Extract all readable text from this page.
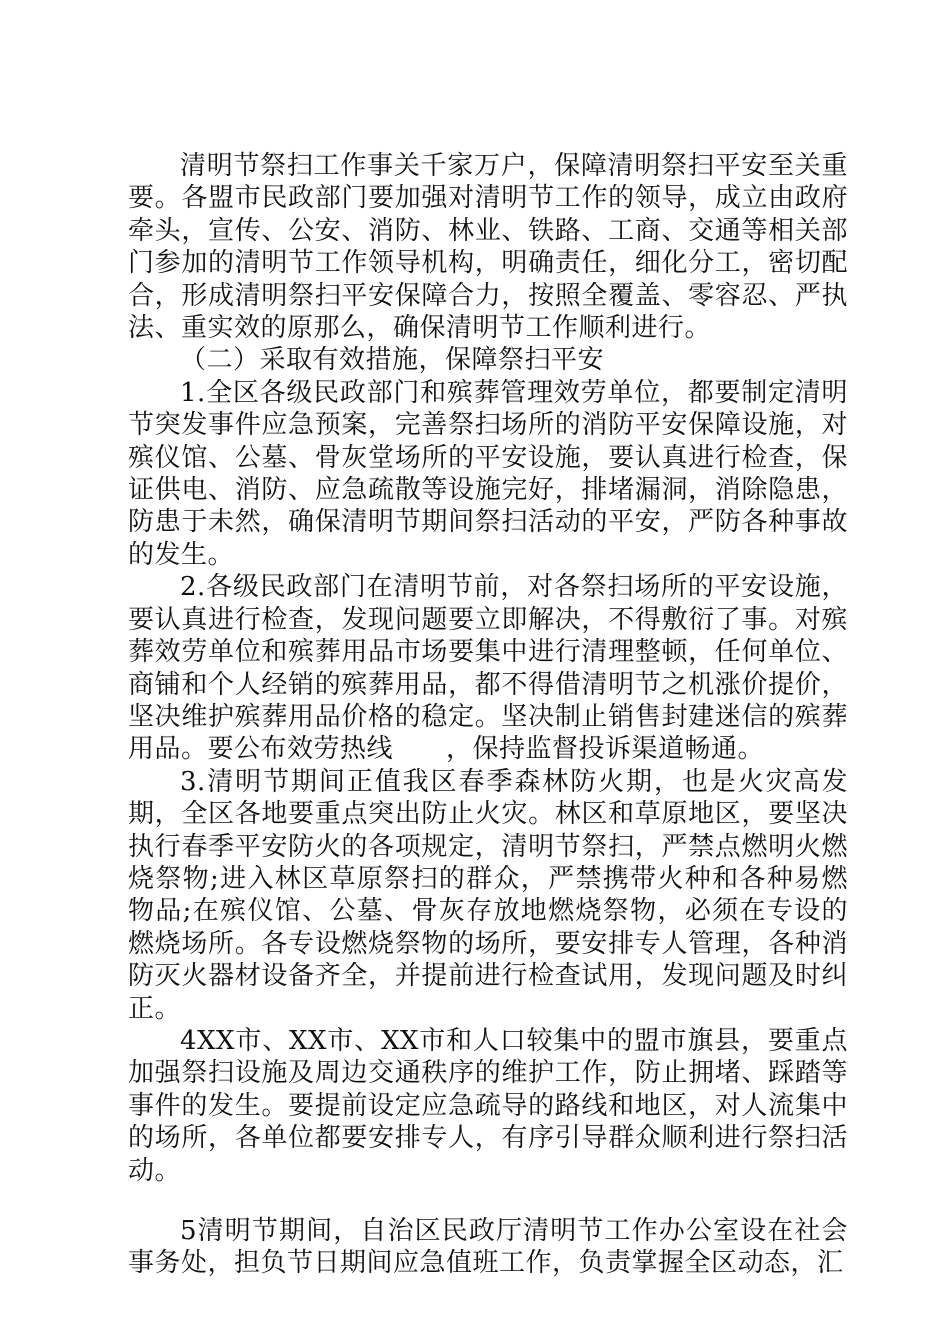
清明节祭扫工作事关千家万户，保障清明祭扫平安至关重要。各盟市民政部门要加强对清明节工作的领导，成立由政府牵头，宣传、公安、消防、林业、铁路、工商、交通等相关部门参加的清明节工作领导机构，明确责任，细化分工，密切配合，形成清明祭扫平安保障合力，按照全覆盖、零容忍、严执法、重实效的原那么，确保清明节工作顺利进行。

（二）采取有效措施，保障祭扫平安

1.全区各级民政部门和殡葬管理效劳单位，都要制定清明节突发事件应急预案，完善祭扫场所的消防平安保障设施，对殡仪馆、公墓、骨灰堂场所的平安设施，要认真进行检查，保证供电、消防、应急疏散等设施完好，排堵漏洞，消除隐患，防患于未然，确保清明节期间祭扫活动的平安，严防各种事故的发生。

2.各级民政部门在清明节前，对各祭扫场所的平安设施，要认真进行检查，发现问题要立即解决，不得敷衍了事。对殡葬效劳单位和殡葬用品市场要集中进行清理整顿，任何单位、商铺和个人经销的殡葬用品，都不得借清明节之机涨价提价，坚决维护殡葬用品价格的稳定。坚决制止销售封建迷信的殡葬用品。要公布效劳热线　　，保持监督投诉渠道畅通。

3.清明节期间正值我区春季森林防火期，也是火灾高发期，全区各地要重点突出防止火灾。林区和草原地区，要坚决执行春季平安防火的各项规定，清明节祭扫，严禁点燃明火燃烧祭物;进入林区草原祭扫的群众，严禁携带火种和各种易燃物品;在殡仪馆、公墓、骨灰存放地燃烧祭物，必须在专设的燃烧场所。各专设燃烧祭物的场所，要安排专人管理，各种消防灭火器材设备齐全，并提前进行检查试用，发现问题及时纠正。

4XX市、XX市、XX市和人口较集中的盟市旗县，要重点加强祭扫设施及周边交通秩序的维护工作，防止拥堵、踩踏等事件的发生。要提前设定应急疏导的路线和地区，对人流集中的场所，各单位都要安排专人，有序引导群众顺利进行祭扫活动。

5清明节期间，自治区民政厅清明节工作办公室设在社会事务处，担负节日期间应急值班工作，负责掌握全区动态，汇
